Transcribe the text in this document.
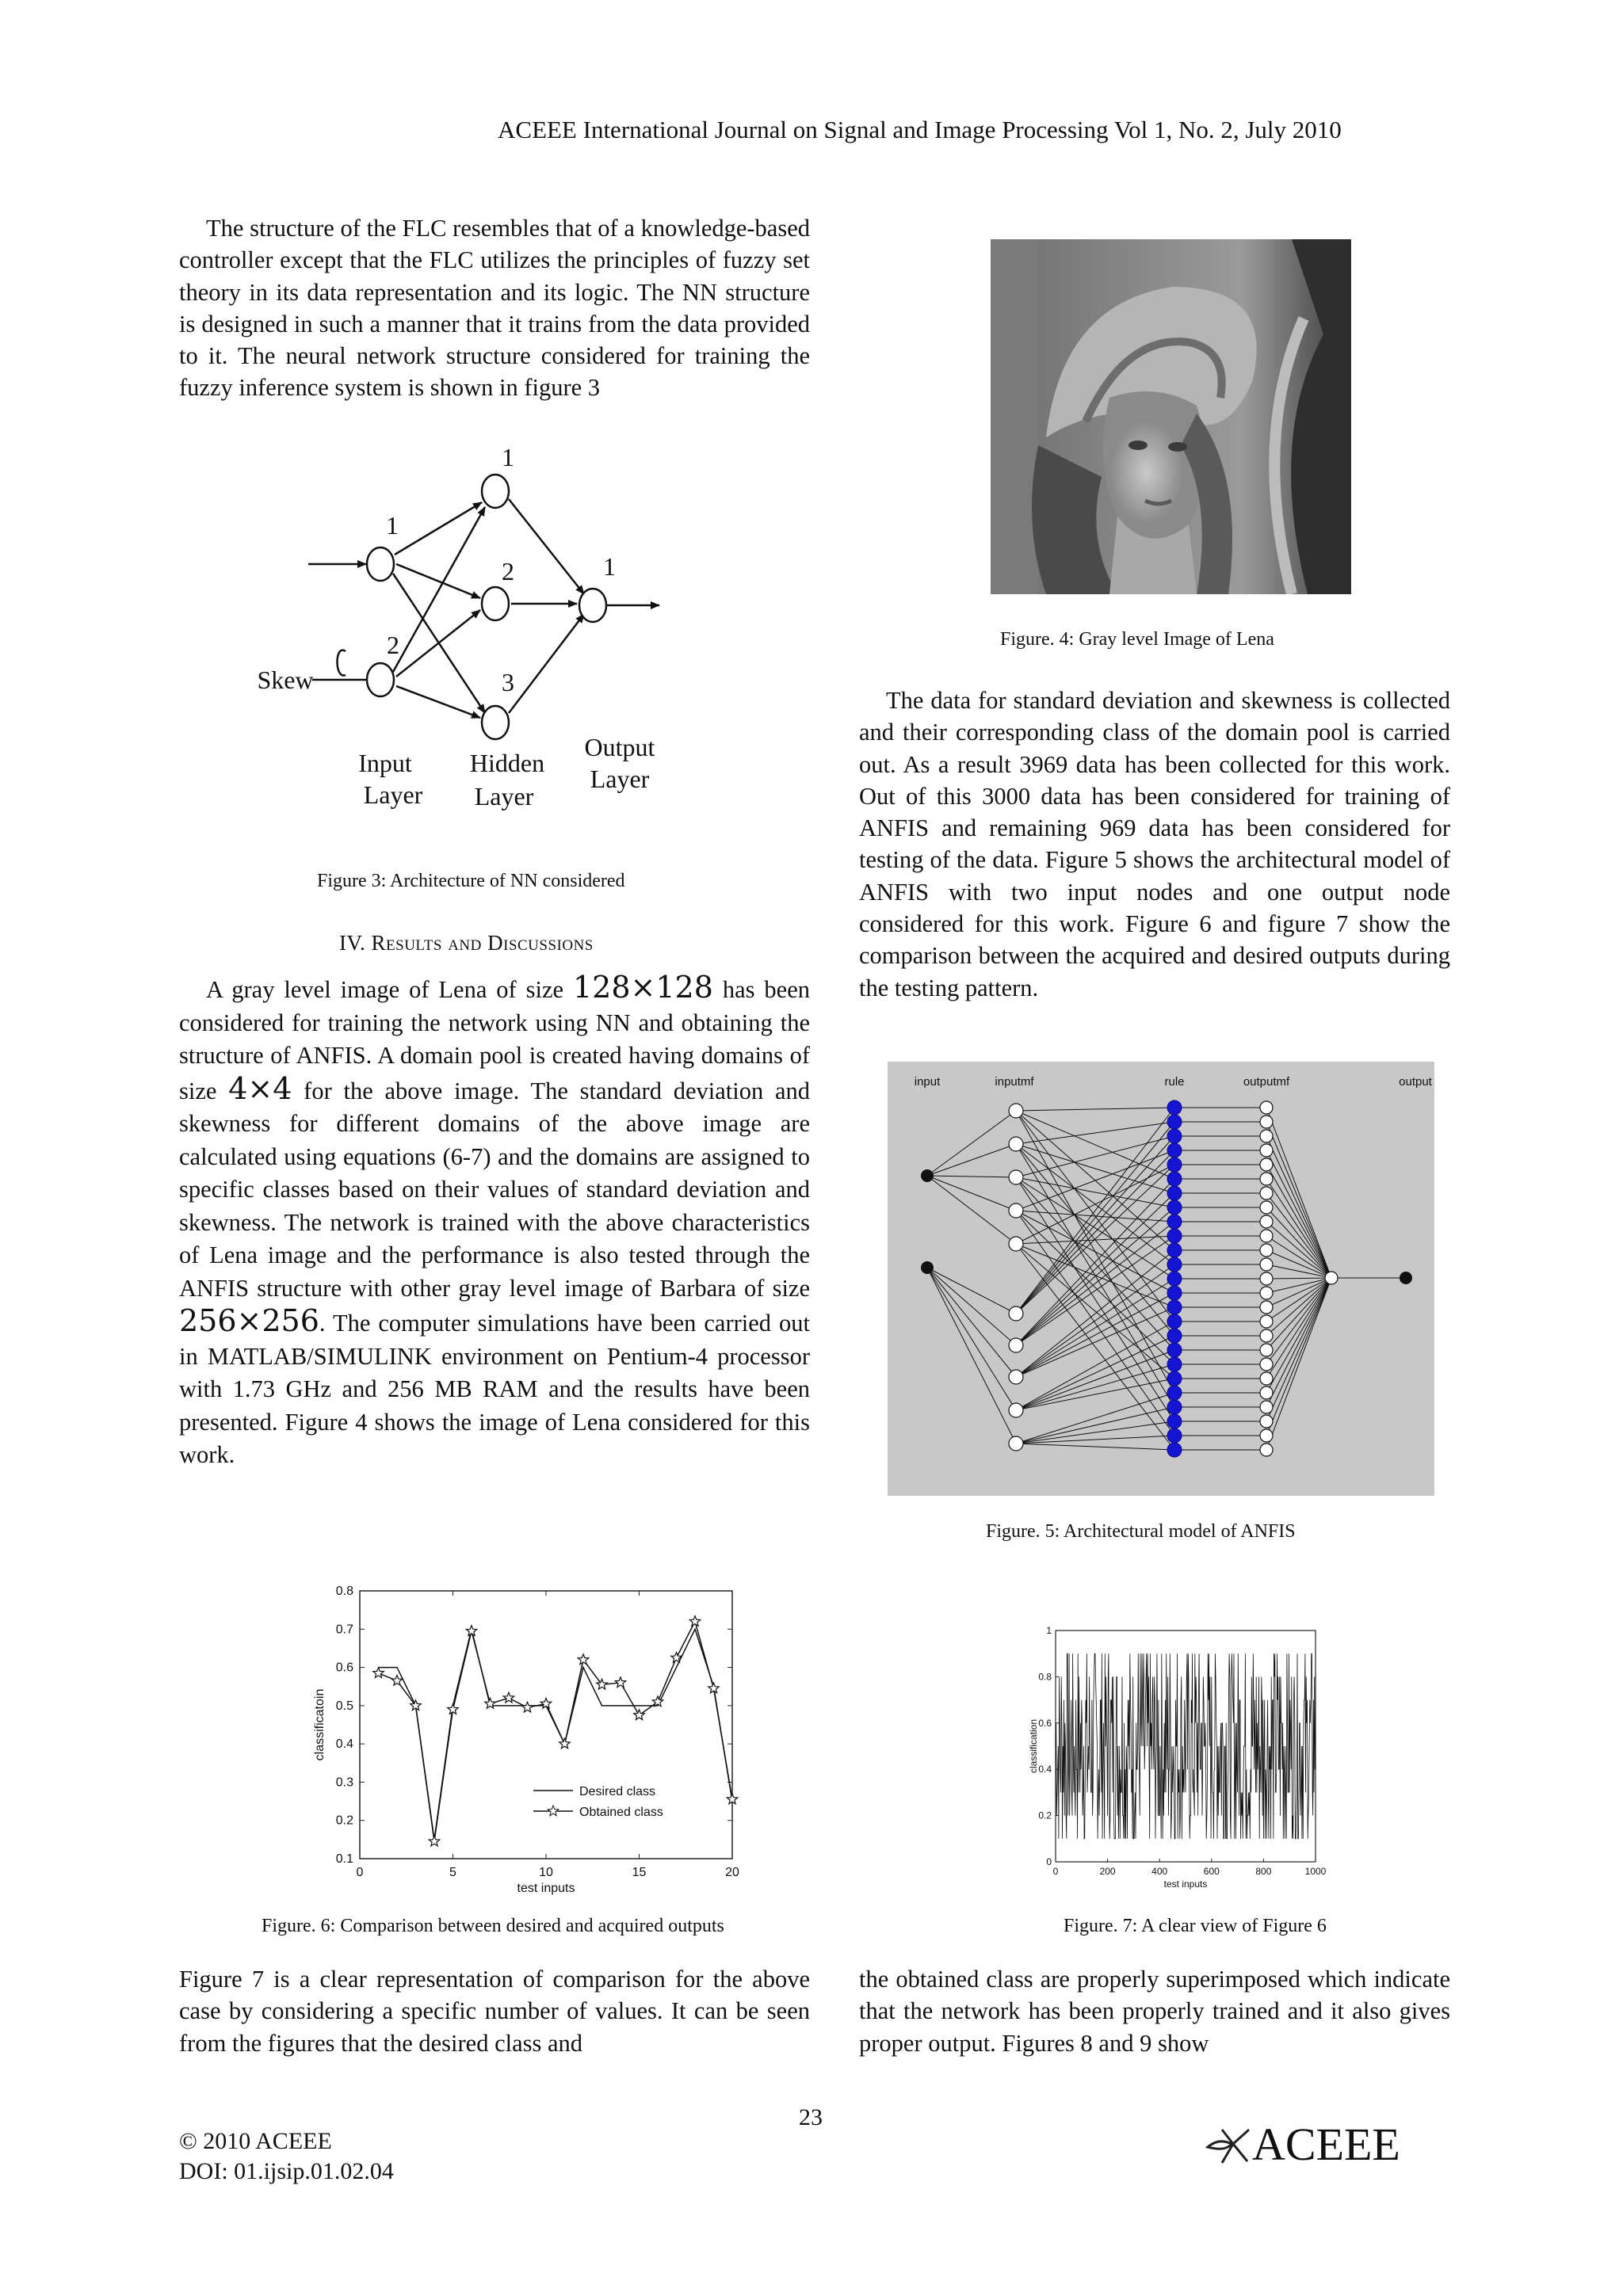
ACEEE International Journal on Signal and Image Processing Vol 1, No. 2, July 2010

The structure of the FLC resembles that of a knowledge-based controller except that the FLC utilizes the principles of fuzzy set theory in its data representation and its logic. The NN structure is designed in such a manner that it trains from the data provided to it. The neural network structure considered for training the fuzzy inference system is shown in figure 3

1
2
1
2
3
1
Skew
Input
Layer
Hidden
Layer
Output
Layer
Figure 3: Architecture of NN considered
IV. Results and Discussions

A gray level image of Lena of size 128×128 has been considered for training the network using NN and obtaining the structure of ANFIS. A domain pool is created having domains of size 4×4 for the above image. The standard deviation and skewness for different domains of the above image are calculated using equations (6-7) and the domains are assigned to specific classes based on their values of standard deviation and skewness. The network is trained with the above characteristics of Lena image and the performance is also tested through the ANFIS structure with other gray level image of Barbara of size 256×256. The computer simulations have been carried out in MATLAB/SIMULINK environment on Pentium-4 processor with 1.73 GHz and 256 MB RAM and the results have been presented. Figure 4 shows the image of Lena considered for this work.

Figure. 4: Gray level Image of Lena

The data for standard deviation and skewness is collected and their corresponding class of the domain pool is carried out. As a result 3969 data has been collected for this work. Out of this 3000 data has been considered for training of ANFIS and remaining 969 data has been considered for testing of the data. Figure 5 shows the architectural model of ANFIS with two input nodes and one output node considered for this work. Figure 6 and figure 7 show the comparison between the acquired and desired outputs during the testing pattern.

input	inputmf	rule	outputmf	output
Figure. 5: Architectural model of ANFIS
0	5	10	15	20
0.1
0.2
0.3
0.4
0.5
0.6
0.7
0.8
test inputs
classificatoin
Desired class
Obtained class
Figure. 6: Comparison between desired and acquired outputs
0	200	400	600	800	1000
0
0.2
0.4
0.6
0.8
1
test inputs
classification
Figure. 7: A clear view of Figure 6

Figure 7 is a clear representation of comparison for the above case by considering a specific number of values. It can be seen from the figures that the desired class and

the obtained class are properly superimposed which indicate that the network has been properly trained and it also gives proper output. Figures 8 and 9 show

23
© 2010 ACEEE
DOI: 01.ijsip.01.02.04
ACEEE
